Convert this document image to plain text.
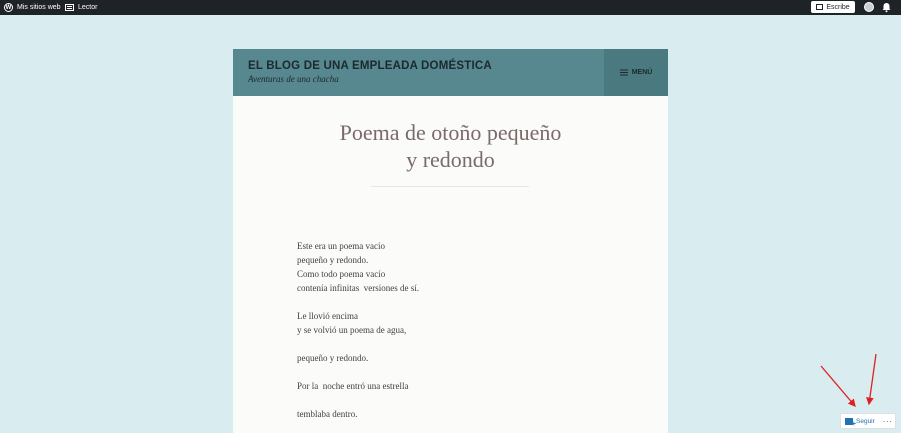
W Mis sitios web Lector	Escribe
EL BLOG DE UNA EMPLEADA DOMÉSTICA
Aventuras de una chacha
MENÚ
Poema de otoño pequeño
y redondo

Este era un poema vacío

pequeño y redondo.

Como todo poema vacío

contenía infinitas  versiones de sí.

Le llovió encima

y se volvió un poema de agua,

pequeño y redondo.

Por la  noche entró una estrella

temblaba dentro.

+
Seguir ···
